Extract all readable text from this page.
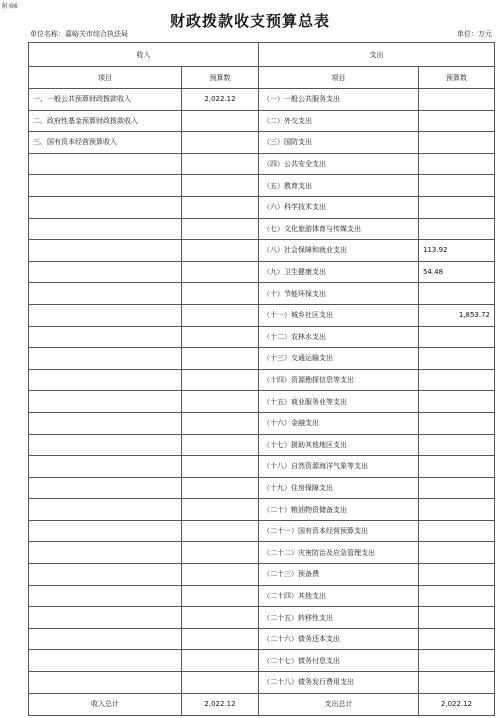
附表6
财政拨款收支预算总表
单位名称：嘉峪关市综合执法局	单位：万元
收入		支出	
项目	预算数	项目	预算数
一、一般公共预算财政拨款收入	2,022.12	（一）一般公共服务支出	
二、政府性基金预算财政拨款收入		（二）外交支出	
三、国有资本经营预算收入		（三）国防支出	
		（四）公共安全支出	
		（五）教育支出	
		（六）科学技术支出	
		（七）文化旅游体育与传媒支出	
		（八）社会保障和就业支出	113.92
		（九）卫生健康支出	54.48
		（十）节能环保支出	
		（十一）城乡社区支出	1,853.72
		（十二）农林水支出	
		（十三）交通运输支出	
		（十四）资源勘探信息等支出	
		（十五）商业服务业等支出	
		（十六）金融支出	
		（十七）援助其他地区支出	
		（十八）自然资源海洋气象等支出	
		（十九）住房保障支出	
		（二十）粮油物资储备支出	
		（二十一）国有资本经营预算支出	
		（二十二）灾害防治及应急管理支出	
		（二十三）预备费	
		（二十四）其他支出	
		（二十五）转移性支出	
		（二十六）债务还本支出	
		（二十七）债务付息支出	
		（二十八）债务发行费用支出	
收入总计	2,022.12	支出总计	2,022.12
